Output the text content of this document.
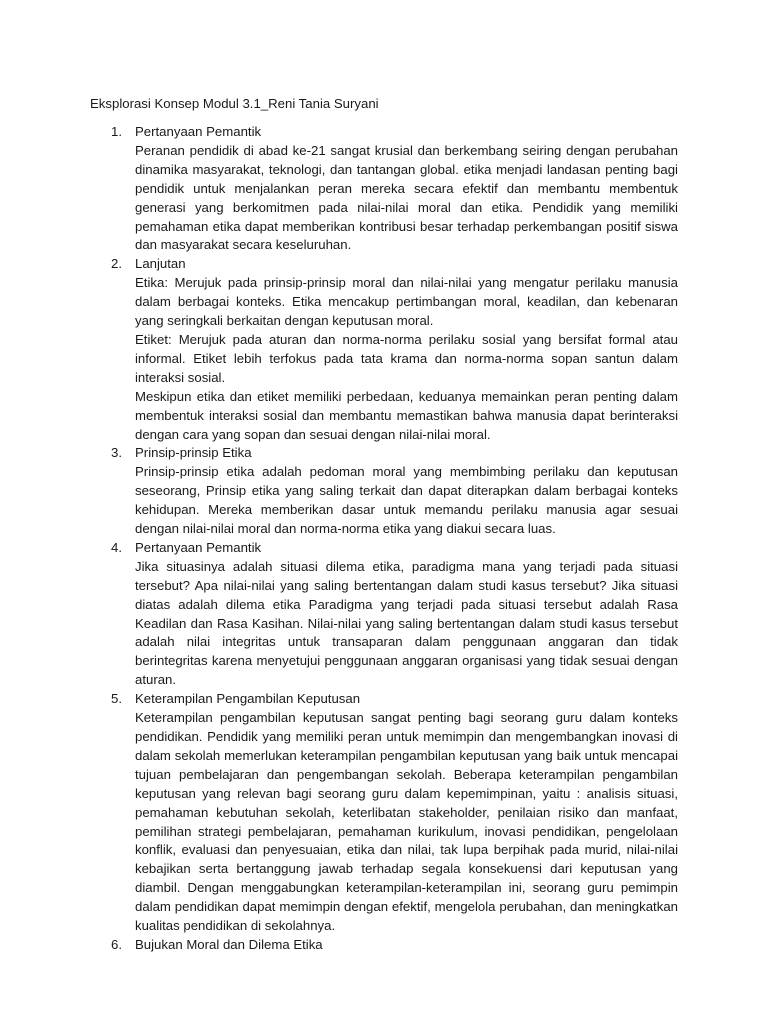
Eksplorasi Konsep Modul 3.1_Reni Tania Suryani
1. Pertanyaan Pemantik
Peranan pendidik di abad ke-21 sangat krusial dan berkembang seiring dengan perubahan dinamika masyarakat, teknologi, dan tantangan global. etika menjadi landasan penting bagi pendidik untuk menjalankan peran mereka secara efektif dan membantu membentuk generasi yang berkomitmen pada nilai-nilai moral dan etika. Pendidik yang memiliki pemahaman etika dapat memberikan kontribusi besar terhadap perkembangan positif siswa dan masyarakat secara keseluruhan.
2. Lanjutan
Etika: Merujuk pada prinsip-prinsip moral dan nilai-nilai yang mengatur perilaku manusia dalam berbagai konteks. Etika mencakup pertimbangan moral, keadilan, dan kebenaran yang seringkali berkaitan dengan keputusan moral.
Etiket: Merujuk pada aturan dan norma-norma perilaku sosial yang bersifat formal atau informal. Etiket lebih terfokus pada tata krama dan norma-norma sopan santun dalam interaksi sosial.
Meskipun etika dan etiket memiliki perbedaan, keduanya memainkan peran penting dalam membentuk interaksi sosial dan membantu memastikan bahwa manusia dapat berinteraksi dengan cara yang sopan dan sesuai dengan nilai-nilai moral.
3. Prinsip-prinsip Etika
Prinsip-prinsip etika adalah pedoman moral yang membimbing perilaku dan keputusan seseorang, Prinsip etika yang saling terkait dan dapat diterapkan dalam berbagai konteks kehidupan. Mereka memberikan dasar untuk memandu perilaku manusia agar sesuai dengan nilai-nilai moral dan norma-norma etika yang diakui secara luas.
4. Pertanyaan Pemantik
Jika situasinya adalah situasi dilema etika, paradigma mana yang terjadi pada situasi tersebut? Apa nilai-nilai yang saling bertentangan dalam studi kasus tersebut? Jika situasi diatas adalah dilema etika Paradigma yang terjadi pada situasi tersebut adalah Rasa Keadilan dan Rasa Kasihan. Nilai-nilai yang saling bertentangan dalam studi kasus tersebut adalah nilai integritas untuk transaparan dalam penggunaan anggaran dan tidak berintegritas karena menyetujui penggunaan anggaran organisasi yang tidak sesuai dengan aturan.
5. Keterampilan Pengambilan Keputusan
Keterampilan pengambilan keputusan sangat penting bagi seorang guru dalam konteks pendidikan. Pendidik yang memiliki peran untuk memimpin dan mengembangkan inovasi di dalam sekolah memerlukan keterampilan pengambilan keputusan yang baik untuk mencapai tujuan pembelajaran dan pengembangan sekolah. Beberapa keterampilan pengambilan keputusan yang relevan bagi seorang guru dalam kepemimpinan, yaitu : analisis situasi, pemahaman kebutuhan sekolah, keterlibatan stakeholder, penilaian risiko dan manfaat, pemilihan strategi pembelajaran, pemahaman kurikulum, inovasi pendidikan, pengelolaan konflik, evaluasi dan penyesuaian, etika dan nilai, tak lupa berpihak pada murid, nilai-nilai kebajikan serta bertanggung jawab terhadap segala konsekuensi dari keputusan yang diambil. Dengan menggabungkan keterampilan-keterampilan ini, seorang guru pemimpin dalam pendidikan dapat memimpin dengan efektif, mengelola perubahan, dan meningkatkan kualitas pendidikan di sekolahnya.
6. Bujukan Moral dan Dilema Etika
